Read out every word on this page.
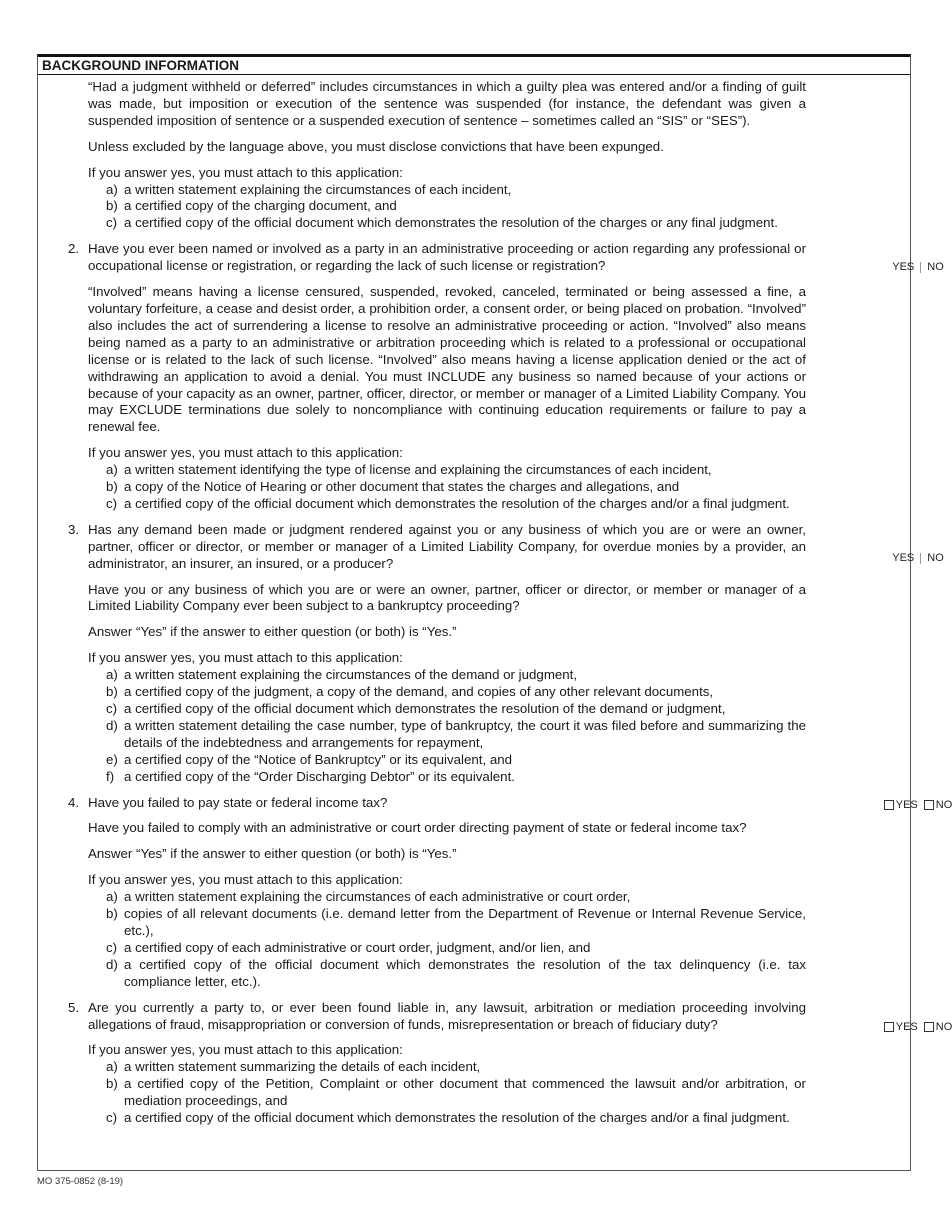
BACKGROUND INFORMATION
“Had a judgment withheld or deferred” includes circumstances in which a guilty plea was entered and/or a finding of guilt was made, but imposition or execution of the sentence was suspended (for instance, the defendant was given a suspended imposition of sentence or a suspended execution of sentence – sometimes called an “SIS” or “SES”).
Unless excluded by the language above, you must disclose convictions that have been expunged.
If you answer yes, you must attach to this application:
a) a written statement explaining the circumstances of each incident,
b) a certified copy of the charging document, and
c) a certified copy of the official document which demonstrates the resolution of the charges or any final judgment.
2. Have you ever been named or involved as a party in an administrative proceeding or action regarding any professional or occupational license or registration, or regarding the lack of such license or registration?	YES NO
“Involved” means having a license censured, suspended, revoked, canceled, terminated or being assessed a fine, a voluntary forfeiture, a cease and desist order, a prohibition order, a consent order, or being placed on probation. “Involved” also includes the act of surrendering a license to resolve an administrative proceeding or action. “Involved” also means being named as a party to an administrative or arbitration proceeding which is related to a professional or occupational license or is related to the lack of such license. “Involved” also means having a license application denied or the act of withdrawing an application to avoid a denial. You must INCLUDE any business so named because of your actions or because of your capacity as an owner, partner, officer, director, or member or manager of a Limited Liability Company. You may EXCLUDE terminations due solely to noncompliance with continuing education requirements or failure to pay a renewal fee.
If you answer yes, you must attach to this application:
a) a written statement identifying the type of license and explaining the circumstances of each incident,
b) a copy of the Notice of Hearing or other document that states the charges and allegations, and
c) a certified copy of the official document which demonstrates the resolution of the charges and/or a final judgment.
3. Has any demand been made or judgment rendered against you or any business of which you are or were an owner, partner, officer or director, or member or manager of a Limited Liability Company, for overdue monies by a provider, an administrator, an insurer, an insured, or a producer?	YES NO
Have you or any business of which you are or were an owner, partner, officer or director, or member or manager of a Limited Liability Company ever been subject to a bankruptcy proceeding?
Answer “Yes” if the answer to either question (or both) is “Yes.”
If you answer yes, you must attach to this application:
a) a written statement explaining the circumstances of the demand or judgment,
b) a certified copy of the judgment, a copy of the demand, and copies of any other relevant documents,
c) a certified copy of the official document which demonstrates the resolution of the demand or judgment,
d) a written statement detailing the case number, type of bankruptcy, the court it was filed before and summarizing the details of the indebtedness and arrangements for repayment,
e) a certified copy of the “Notice of Bankruptcy” or its equivalent, and
f) a certified copy of the “Order Discharging Debtor” or its equivalent.
4. Have you failed to pay state or federal income tax?	YES NO
Have you failed to comply with an administrative or court order directing payment of state or federal income tax?
Answer “Yes” if the answer to either question (or both) is “Yes.”
If you answer yes, you must attach to this application:
a) a written statement explaining the circumstances of each administrative or court order,
b) copies of all relevant documents (i.e. demand letter from the Department of Revenue or Internal Revenue Service, etc.),
c) a certified copy of each administrative or court order, judgment, and/or lien, and
d) a certified copy of the official document which demonstrates the resolution of the tax delinquency (i.e. tax compliance letter, etc.).
5. Are you currently a party to, or ever been found liable in, any lawsuit, arbitration or mediation proceeding involving allegations of fraud, misappropriation or conversion of funds, misrepresentation or breach of fiduciary duty?	YES NO
If you answer yes, you must attach to this application:
a) a written statement summarizing the details of each incident,
b) a certified copy of the Petition, Complaint or other document that commenced the lawsuit and/or arbitration, or mediation proceedings, and
c) a certified copy of the official document which demonstrates the resolution of the charges and/or a final judgment.
MO 375-0852 (8-19)
